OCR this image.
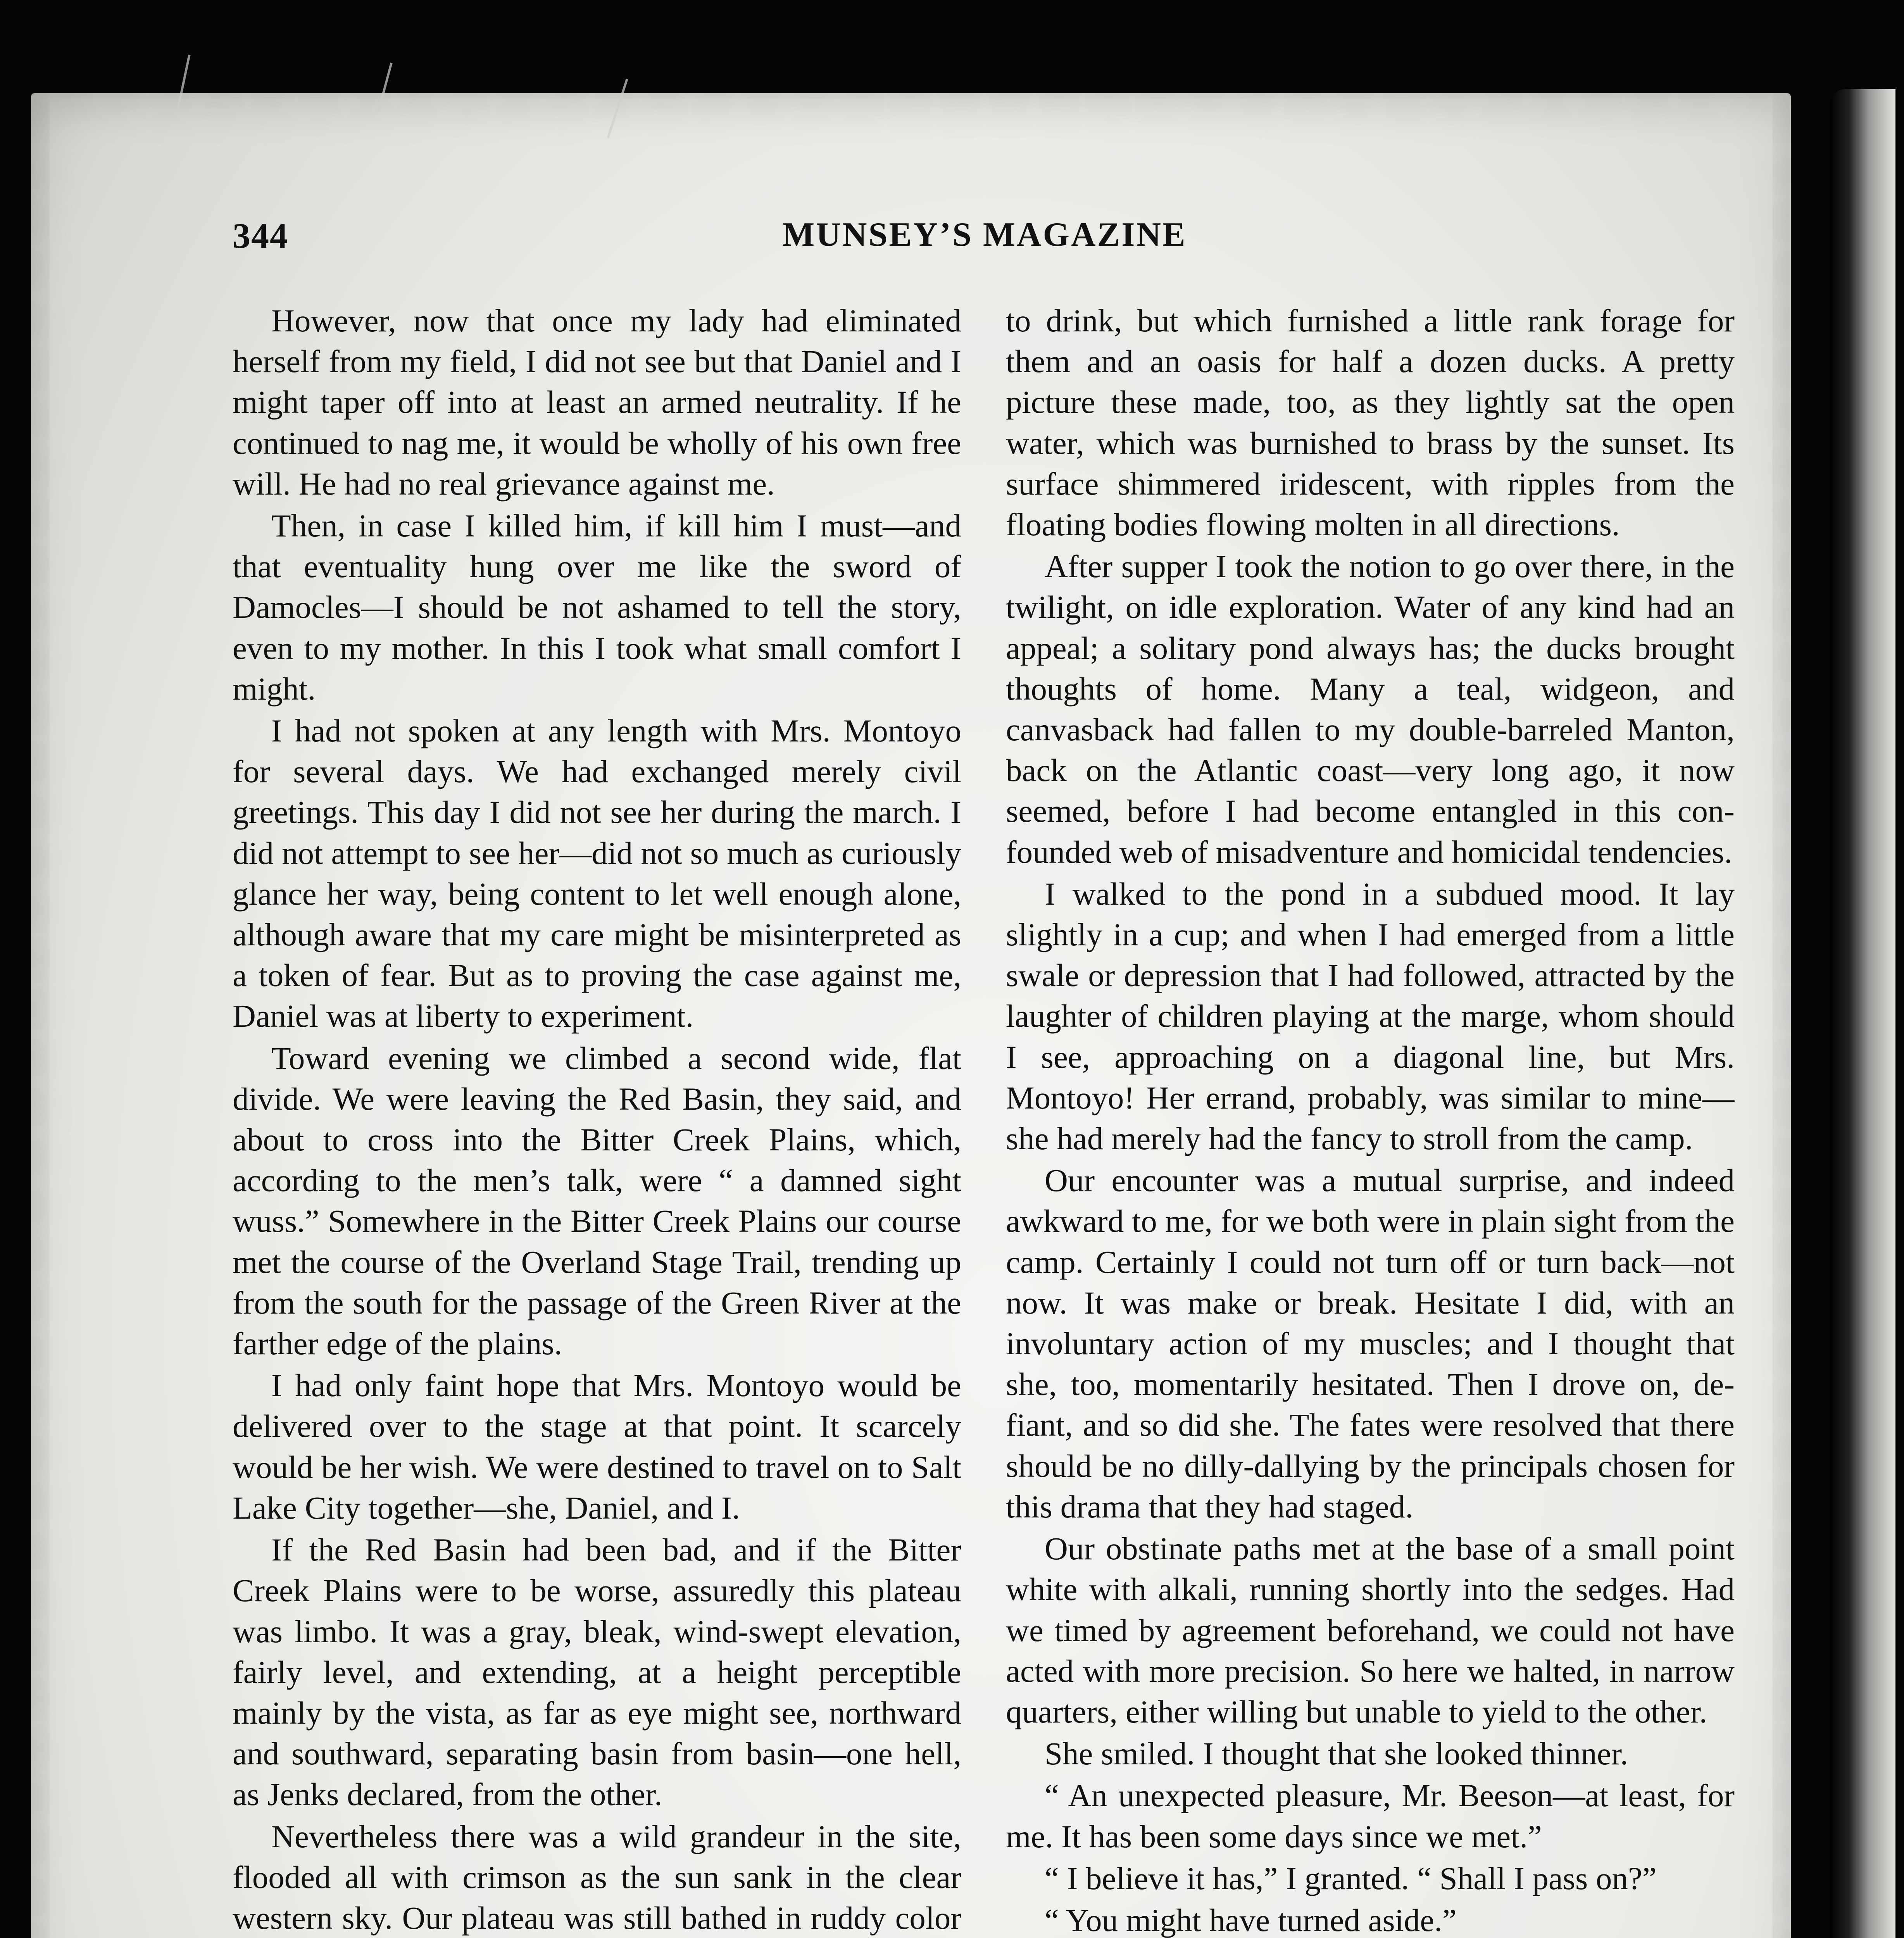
344	MUNSEY’S MAGAZINE

However, now that once my lady had eliminated herself from my field, I did not see but that Daniel and I might taper off into at least an armed neutrality. If he continued to nag me, it would be wholly of his own free will. He had no real grievance against me.

Then, in case I killed him, if kill him I must—and that eventuality hung over me like the sword of Damocles—I should be not ashamed to tell the story, even to my mother. In this I took what small comfort I might.

I had not spoken at any length with Mrs. Montoyo for several days. We had exchanged merely civil greetings. This day I did not see her during the march. I did not attempt to see her—did not so much as curiously glance her way, being content to let well enough alone, although aware that my care might be misinterpreted as a token of fear. But as to proving the case against me, Daniel was at liberty to experiment.

Toward evening we climbed a second wide, flat divide. We were leaving the Red Basin, they said, and about to cross into the Bitter Creek Plains, which, according to the men’s talk, were “ a damned sight wuss.” Somewhere in the Bitter Creek Plains our course met the course of the Overland Stage Trail, trending up from the south for the passage of the Green River at the farther edge of the plains.

I had only faint hope that Mrs. Montoyo would be delivered over to the stage at that point. It scarcely would be her wish. We were destined to travel on to Salt Lake City together—she, Daniel, and I.

If the Red Basin had been bad, and if the Bitter Creek Plains were to be worse, assuredly this plateau was limbo. It was a gray, bleak, wind-swept elevation, fairly level, and extending, at a height perceptible mainly by the vista, as far as eye might see, northward and southward, separating basin from basin—one hell, as Jenks declared, from the other.

Nevertheless there was a wild grandeur in the site, flooded all with crimson as the sun sank in the clear western sky. Our plateau was still bathed in ruddy color

to drink, but which furnished a little rank forage for them and an oasis for half a dozen ducks. A pretty picture these made, too, as they lightly sat the open water, which was burnished to brass by the sunset. Its surface shimmered iridescent, with ripples from the floating bodies flowing molten in all directions.

After supper I took the notion to go over there, in the twilight, on idle exploration. Water of any kind had an appeal; a solitary pond always has; the ducks brought thoughts of home. Many a teal, widgeon, and canvasback had fallen to my double-barreled Manton, back on the Atlantic coast—very long ago, it now seemed, before I had become entangled in this confounded web of misadventure and homicidal tendencies.

I walked to the pond in a subdued mood. It lay slightly in a cup; and when I had emerged from a little swale or depression that I had followed, attracted by the laughter of children playing at the marge, whom should I see, approaching on a diagonal line, but Mrs. Montoyo! Her errand, probably, was similar to mine—she had merely had the fancy to stroll from the camp.

Our encounter was a mutual surprise, and indeed awkward to me, for we both were in plain sight from the camp. Certainly I could not turn off or turn back—not now. It was make or break. Hesitate I did, with an involuntary action of my muscles; and I thought that she, too, momentarily hesitated. Then I drove on, defiant, and so did she. The fates were resolved that there should be no dilly-dallying by the principals chosen for this drama that they had staged.

Our obstinate paths met at the base of a small point white with alkali, running shortly into the sedges. Had we timed by agreement beforehand, we could not have acted with more precision. So here we halted, in narrow quarters, either willing but unable to yield to the other.

She smiled. I thought that she looked thinner.

“ An unexpected pleasure, Mr. Beeson—at least, for me. It has been some days since we met.”

“ I believe it has,” I granted. “ Shall I pass on?”

“ You might have turned aside.”
